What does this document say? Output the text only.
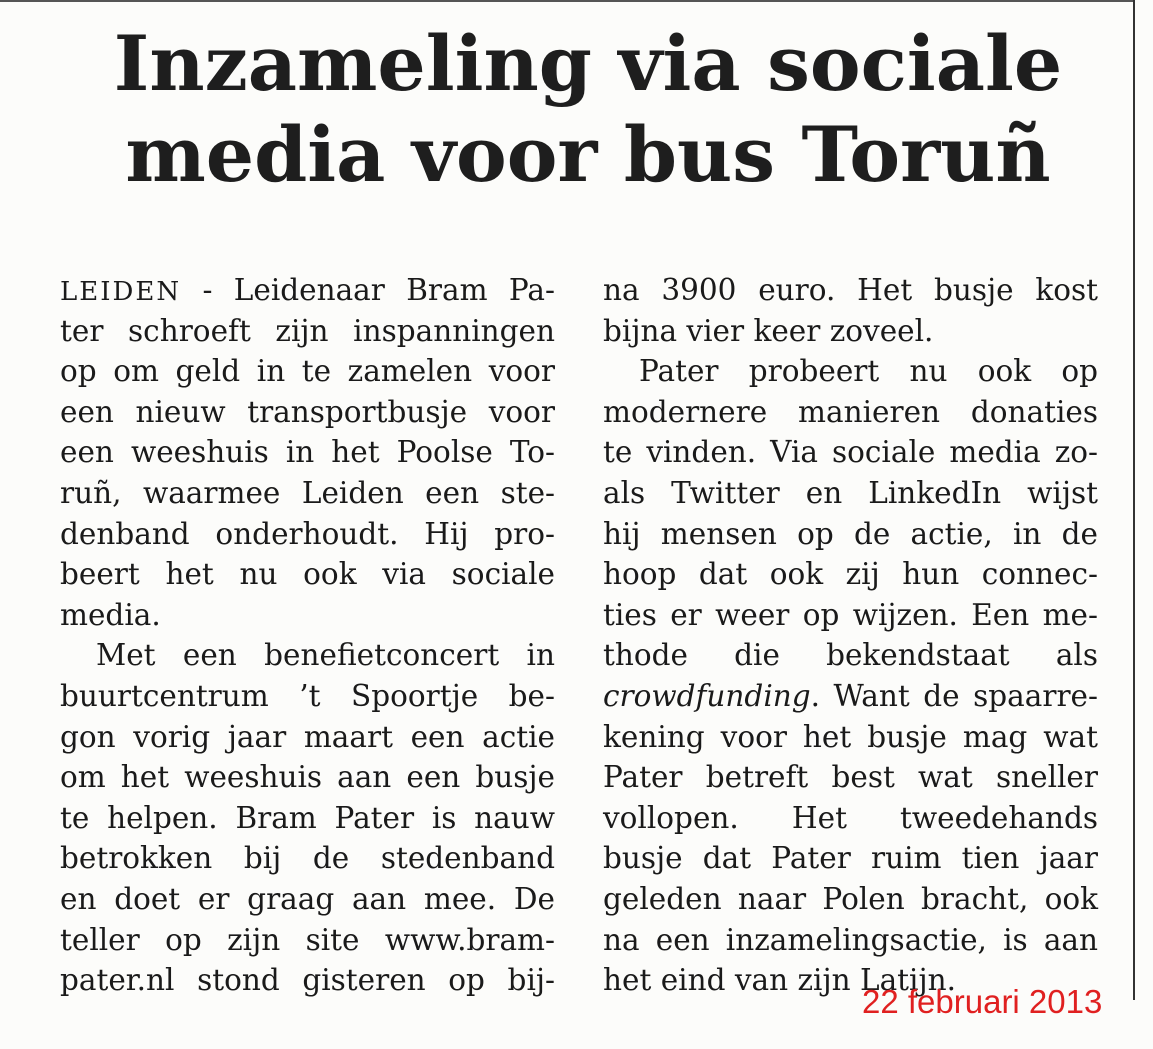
Inzameling via sociale
media voor bus Toruñ
LEIDEN - Leidenaar Bram Pa-
ter schroeft zijn inspanningen
op om geld in te zamelen voor
een nieuw transportbusje voor
een weeshuis in het Poolse To-
ruñ, waarmee Leiden een ste-
denband onderhoudt. Hij pro-
beert het nu ook via sociale
media.
Met een benefietconcert in
buurtcentrum ’t Spoortje be-
gon vorig jaar maart een actie
om het weeshuis aan een busje
te helpen. Bram Pater is nauw
betrokken bij de stedenband
en doet er graag aan mee. De
teller op zijn site www.bram-
pater.nl stond gisteren op bij-
na 3900 euro. Het busje kost
bijna vier keer zoveel.
Pater probeert nu ook op
modernere manieren donaties
te vinden. Via sociale media zo-
als Twitter en LinkedIn wijst
hij mensen op de actie, in de
hoop dat ook zij hun connec-
ties er weer op wijzen. Een me-
thode die bekendstaat als
crowdfunding. Want de spaarre-
kening voor het busje mag wat
Pater betreft best wat sneller
vollopen. Het tweedehands
busje dat Pater ruim tien jaar
geleden naar Polen bracht, ook
na een inzamelingsactie, is aan
het eind van zijn Latijn.
22 februari 2013
